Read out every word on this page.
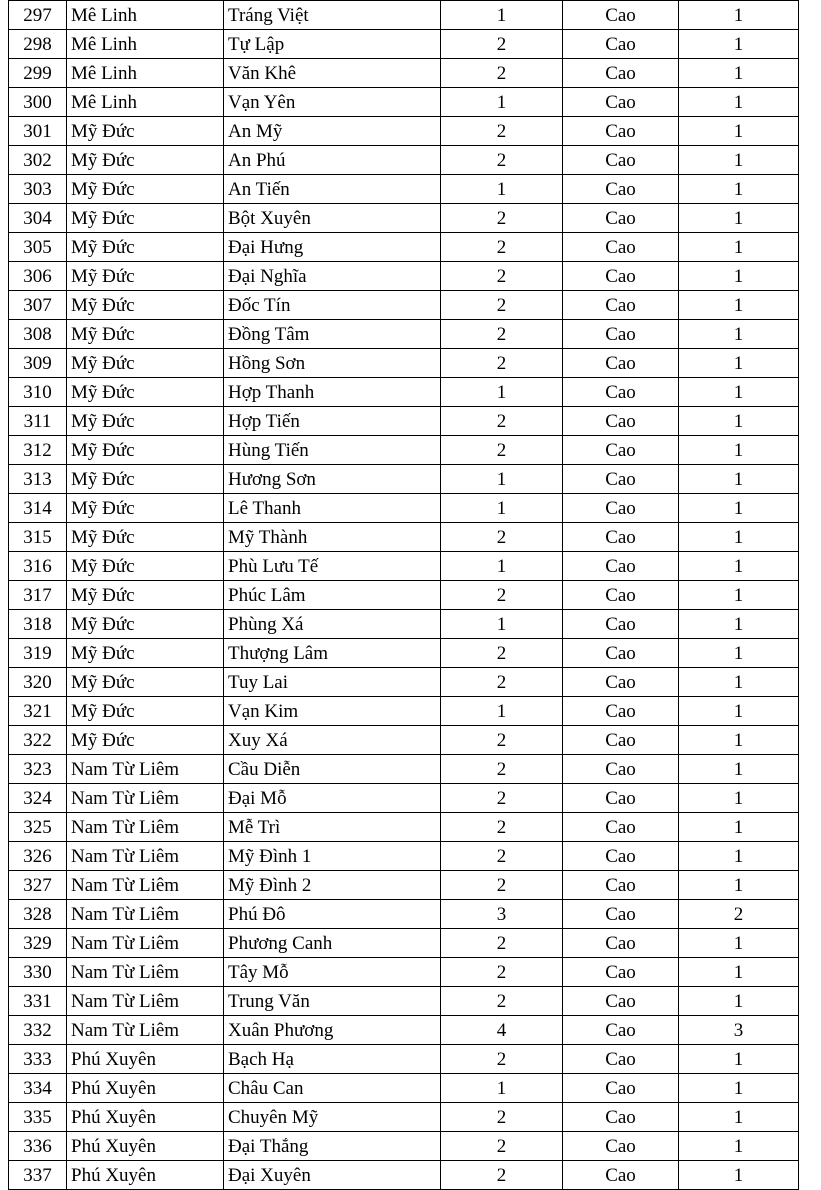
297	Mê Linh	Tráng Việt	1	Cao	1
298	Mê Linh	Tự Lập	2	Cao	1
299	Mê Linh	Văn Khê	2	Cao	1
300	Mê Linh	Vạn Yên	1	Cao	1
301	Mỹ Đức	An Mỹ	2	Cao	1
302	Mỹ Đức	An Phú	2	Cao	1
303	Mỹ Đức	An Tiến	1	Cao	1
304	Mỹ Đức	Bột Xuyên	2	Cao	1
305	Mỹ Đức	Đại Hưng	2	Cao	1
306	Mỹ Đức	Đại Nghĩa	2	Cao	1
307	Mỹ Đức	Đốc Tín	2	Cao	1
308	Mỹ Đức	Đồng Tâm	2	Cao	1
309	Mỹ Đức	Hồng Sơn	2	Cao	1
310	Mỹ Đức	Hợp Thanh	1	Cao	1
311	Mỹ Đức	Hợp Tiến	2	Cao	1
312	Mỹ Đức	Hùng Tiến	2	Cao	1
313	Mỹ Đức	Hương Sơn	1	Cao	1
314	Mỹ Đức	Lê Thanh	1	Cao	1
315	Mỹ Đức	Mỹ Thành	2	Cao	1
316	Mỹ Đức	Phù Lưu Tế	1	Cao	1
317	Mỹ Đức	Phúc Lâm	2	Cao	1
318	Mỹ Đức	Phùng Xá	1	Cao	1
319	Mỹ Đức	Thượng Lâm	2	Cao	1
320	Mỹ Đức	Tuy Lai	2	Cao	1
321	Mỹ Đức	Vạn Kim	1	Cao	1
322	Mỹ Đức	Xuy Xá	2	Cao	1
323	Nam Từ Liêm	Cầu Diễn	2	Cao	1
324	Nam Từ Liêm	Đại Mỗ	2	Cao	1
325	Nam Từ Liêm	Mễ Trì	2	Cao	1
326	Nam Từ Liêm	Mỹ Đình 1	2	Cao	1
327	Nam Từ Liêm	Mỹ Đình 2	2	Cao	1
328	Nam Từ Liêm	Phú Đô	3	Cao	2
329	Nam Từ Liêm	Phương Canh	2	Cao	1
330	Nam Từ Liêm	Tây Mỗ	2	Cao	1
331	Nam Từ Liêm	Trung Văn	2	Cao	1
332	Nam Từ Liêm	Xuân Phương	4	Cao	3
333	Phú Xuyên	Bạch Hạ	2	Cao	1
334	Phú Xuyên	Châu Can	1	Cao	1
335	Phú Xuyên	Chuyên Mỹ	2	Cao	1
336	Phú Xuyên	Đại Thắng	2	Cao	1
337	Phú Xuyên	Đại Xuyên	2	Cao	1
